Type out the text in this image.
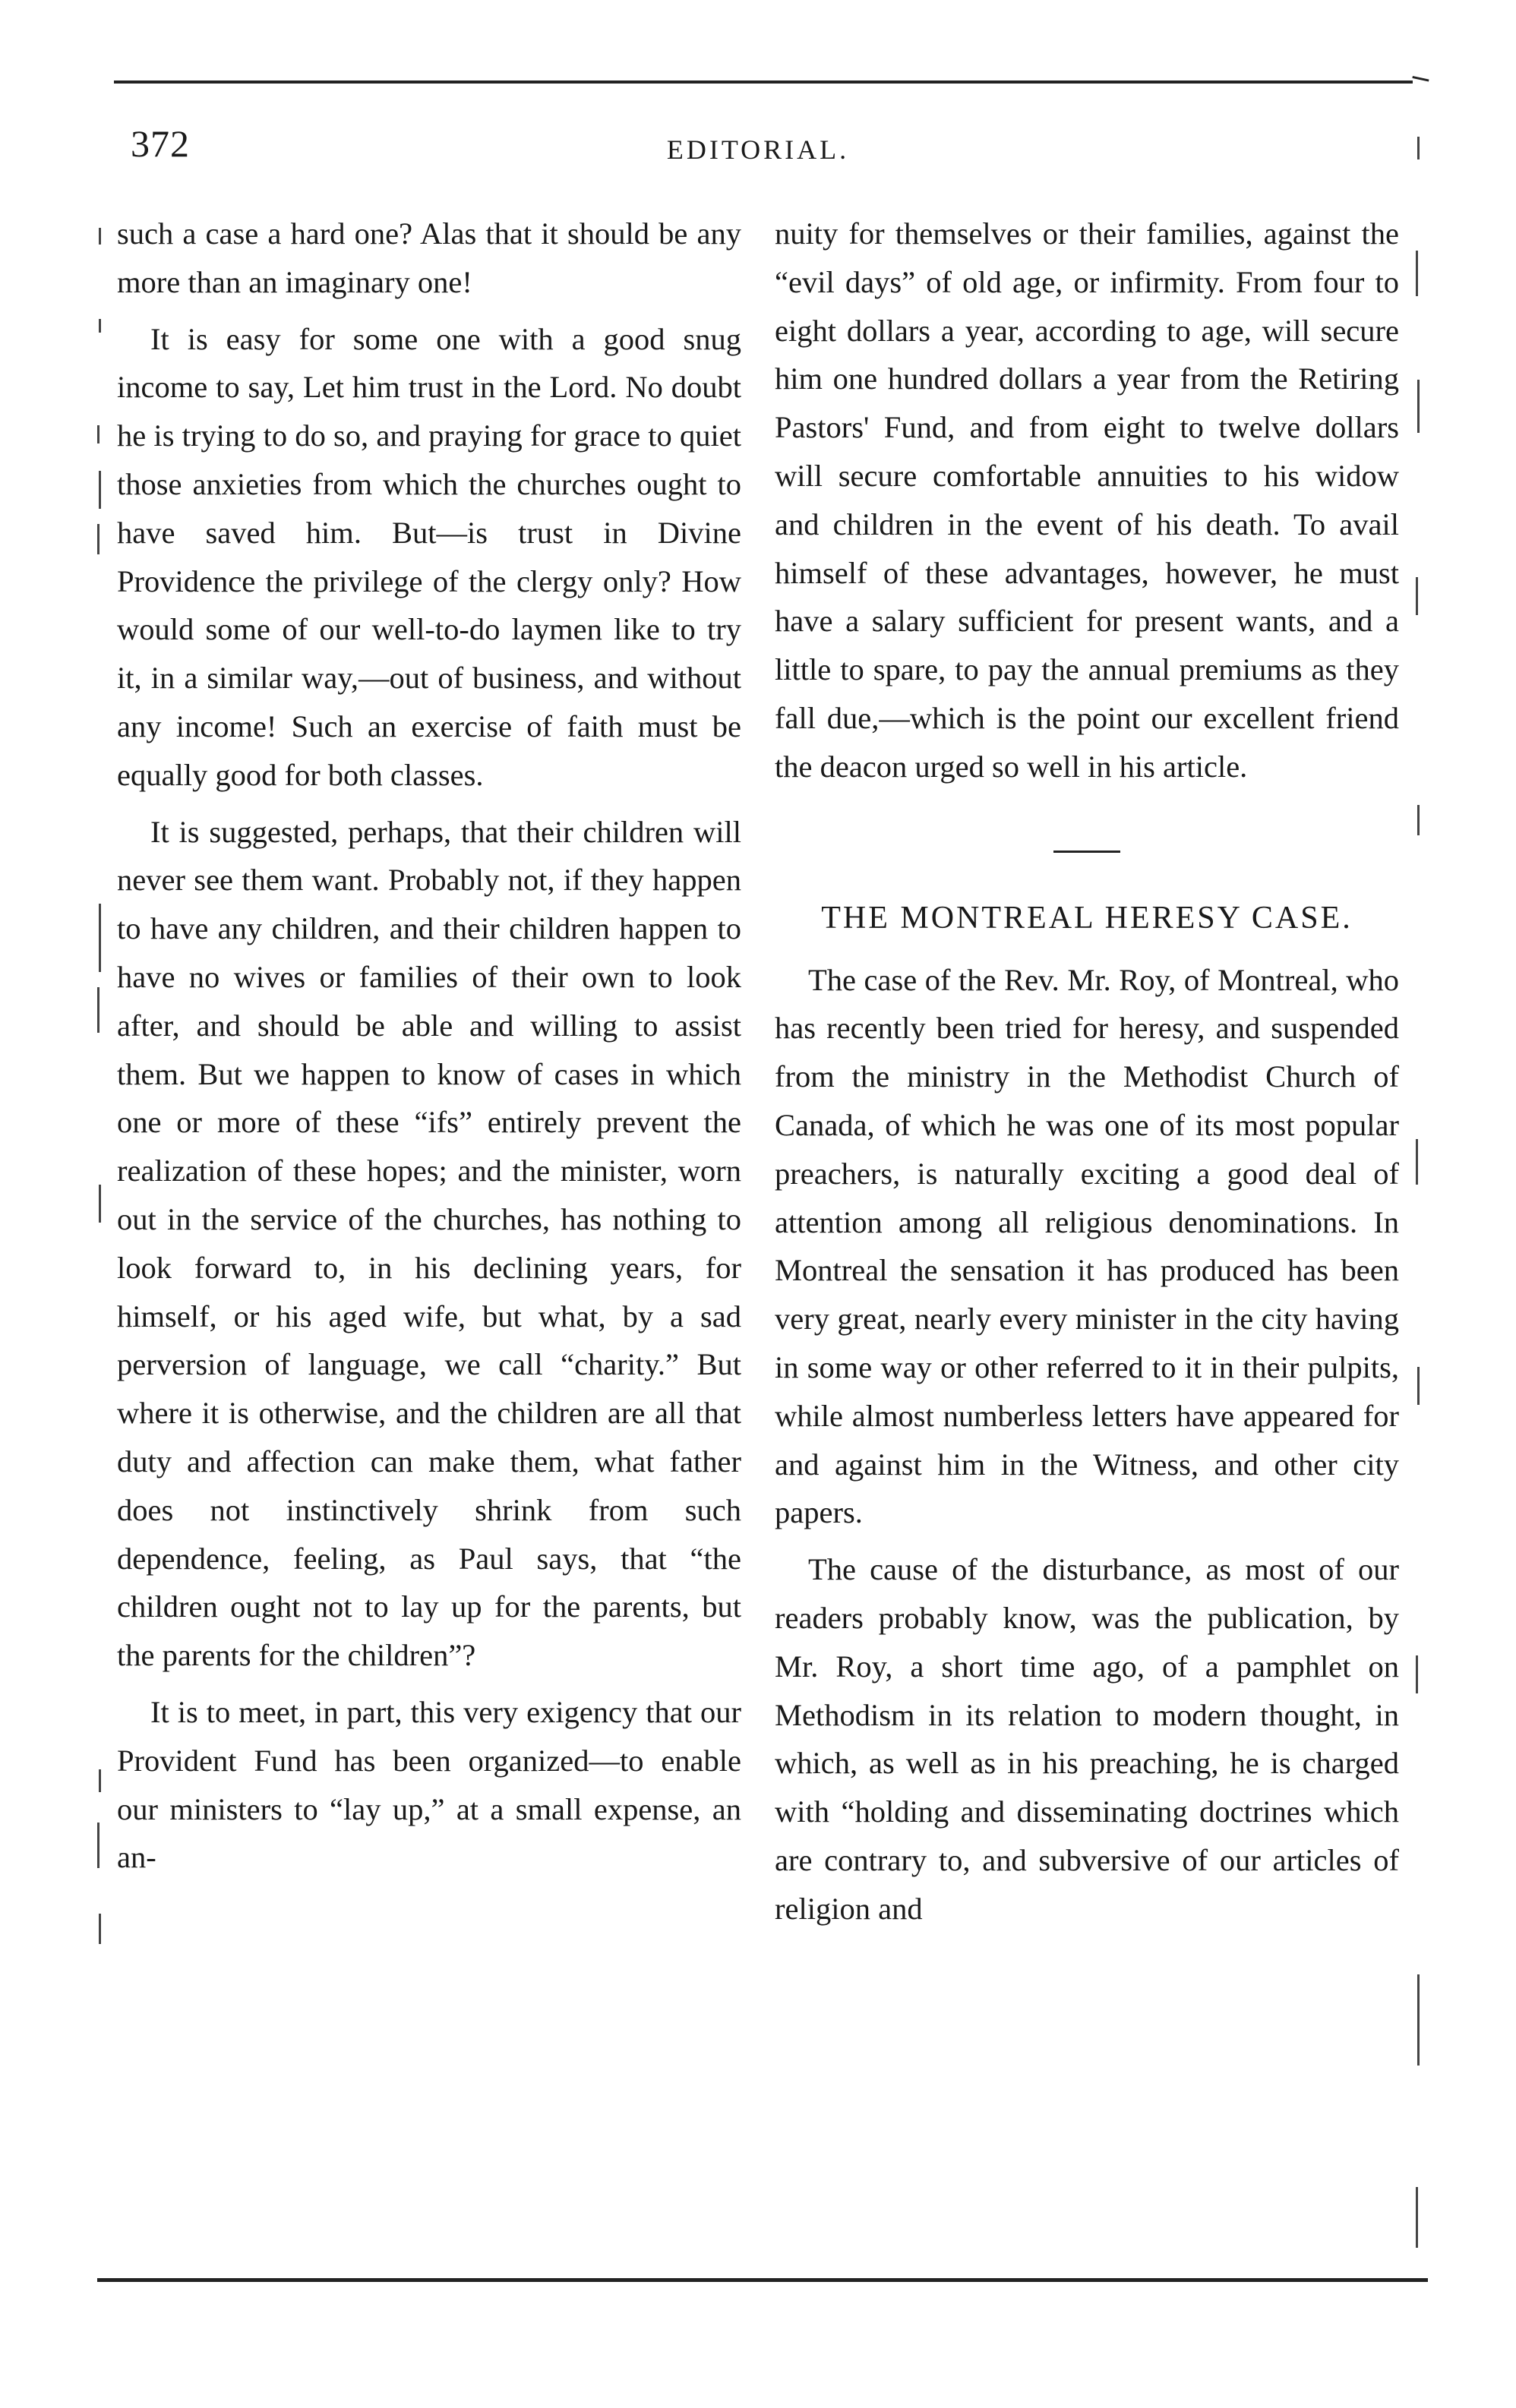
372	EDITORIAL.

such a case a hard one? Alas that it should be any more than an imaginary one!

It is easy for some one with a good snug income to say, Let him trust in the Lord. No doubt he is trying to do so, and praying for grace to quiet those anxieties from which the churches ought to have saved him. But—is trust in Divine Providence the privilege of the clergy only? How would some of our well-to-do laymen like to try it, in a similar way,—out of business, and without any income! Such an exercise of faith must be equally good for both classes.

It is suggested, perhaps, that their children will never see them want. Probably not, if they happen to have any children, and their children happen to have no wives or families of their own to look after, and should be able and willing to assist them. But we happen to know of cases in which one or more of these “ifs” entirely prevent the realization of these hopes; and the minister, worn out in the service of the churches, has nothing to look forward to, in his declining years, for himself, or his aged wife, but what, by a sad perversion of language, we call “charity.” But where it is otherwise, and the children are all that duty and affection can make them, what father does not instinctively shrink from such dependence, feeling, as Paul says, that “the children ought not to lay up for the parents, but the parents for the children”?

It is to meet, in part, this very exigency that our Provident Fund has been organized—to enable our ministers to “lay up,” at a small expense, an an-

nuity for themselves or their families, against the “evil days” of old age, or infirmity. From four to eight dollars a year, according to age, will secure him one hundred dollars a year from the Retiring Pastors' Fund, and from eight to twelve dollars will secure comfortable annuities to his widow and children in the event of his death. To avail himself of these advantages, however, he must have a salary sufficient for present wants, and a little to spare, to pay the annual premiums as they fall due,—which is the point our excellent friend the deacon urged so well in his article.

THE MONTREAL HERESY CASE.

The case of the Rev. Mr. Roy, of Montreal, who has recently been tried for heresy, and suspended from the ministry in the Methodist Church of Canada, of which he was one of its most popular preachers, is naturally exciting a good deal of attention among all religious denominations. In Montreal the sensation it has produced has been very great, nearly every minister in the city having in some way or other referred to it in their pulpits, while almost numberless letters have appeared for and against him in the Witness, and other city papers.

The cause of the disturbance, as most of our readers probably know, was the publication, by Mr. Roy, a short time ago, of a pamphlet on Methodism in its relation to modern thought, in which, as well as in his preaching, he is charged with “holding and disseminating doctrines which are contrary to, and subversive of our articles of religion and
